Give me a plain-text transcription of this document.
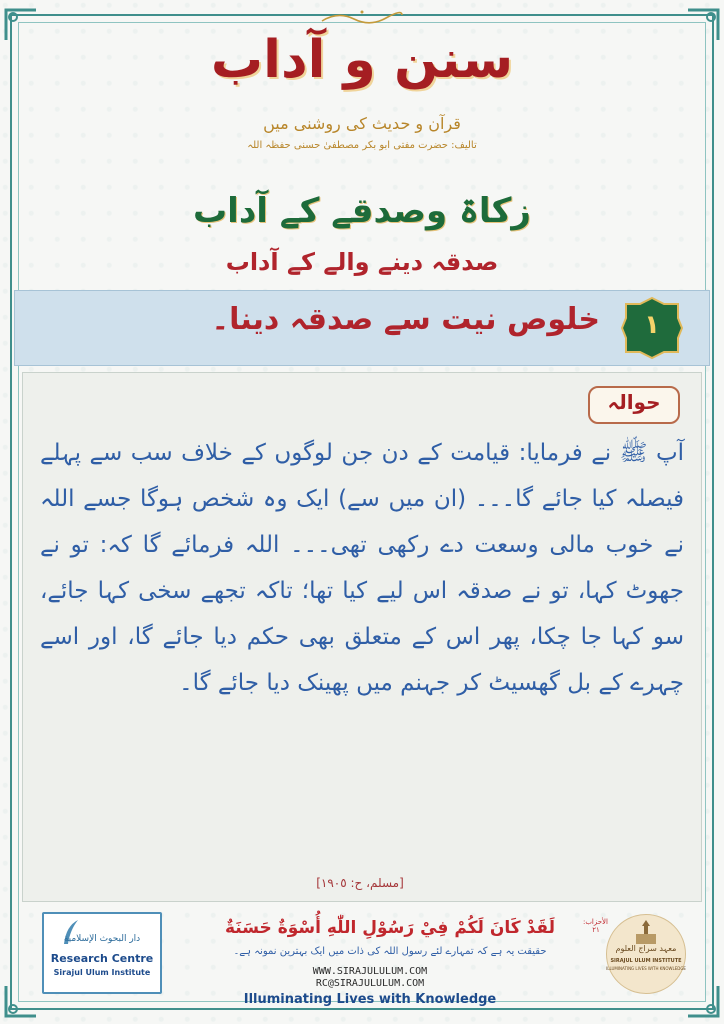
سنن و آداب
قرآن و حدیث کی روشنی میں
تالیف: حضرت مفتی ابو بکر مصطفیٰ حسنی حفظہ اللہ
زکاۃ وصدقے کے آداب
صدقہ دینے والے کے آداب
خلوص نیت سے صدقہ دینا۔	١
حوالہ
آپ ﷺ نے فرمایا: قیامت کے دن جن لوگوں کے خلاف سب سے پہلے فیصلہ کیا جائے گا۔۔۔ (ان میں سے) ایک وہ شخص ہوگا جسے اللہ نے خوب مالی وسعت دے رکھی تھی۔۔۔ اللہ فرمائے گا کہ: تو نے جھوٹ کہا، تو نے صدقہ اس لیے کیا تھا؛ تاکہ تجھے سخی کہا جائے، سو کہا جا چکا، پھر اس کے متعلق بھی حکم دیا جائے گا، اور اسے چہرے کے بل گھسیٹ کر جہنم میں پھینک دیا جائے گا۔
[مسلم، ح: ١٩٠٥]
دار البحوث الإسلامية
Research Centre
Sirajul Ulum Institute
لَقَدْ كَانَ لَكُمْ فِيْ رَسُوْلِ اللّٰهِ أُسْوَةٌ حَسَنَةٌ	الأحزاب: ٢١
حقیقت یہ ہے کہ تمہارے لئے رسول اللہ کی ذات میں ایک بہترین نمونہ ہے۔
WWW.SIRAJULULUM.COM
RC@SIRAJULULUM.COM
Illuminating Lives with Knowledge
معہد سراج العلوم
SIRAJUL ULUM INSTITUTE
ILLUMINATING LIVES WITH KNOWLEDGE
